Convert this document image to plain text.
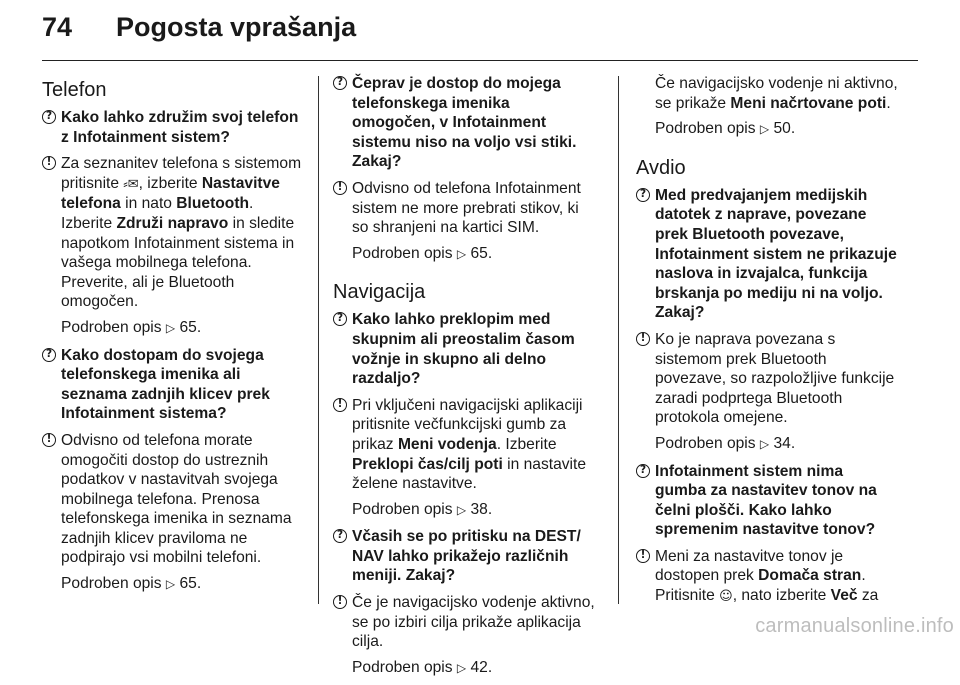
74 Pogosta vprašanja
Telefon
? Kako lahko združim svoj telefon z Infotainment sistem?
! Za seznanitev telefona s sistemom pritisnite ⸗✉, izberite Nastavitve telefona in nato Bluetooth. Izberite Združi napravo in sledite napotkom Infotainment sistema in vašega mobilnega telefona. Preverite, ali je Bluetooth omogočen.

Podroben opis ▷ 65.

? Kako dostopam do svojega telefonskega imenika ali seznama zadnjih klicev prek Infotainment sistema?
! Odvisno od telefona morate omogočiti dostop do ustreznih podatkov v nastavitvah svojega mobilnega telefona. Prenosa telefonskega imenika in seznama zadnjih klicev praviloma ne podpirajo vsi mobilni telefoni.

Podroben opis ▷ 65.

? Čeprav je dostop do mojega telefonskega imenika omogočen, v Infotainment sistemu niso na voljo vsi stiki. Zakaj?
! Odvisno od telefona Infotainment sistem ne more prebrati stikov, ki so shranjeni na kartici SIM.

Podroben opis ▷ 65.

Navigacija
? Kako lahko preklopim med skupnim ali preostalim časom vožnje in skupno ali delno razdaljo?
! Pri vključeni navigacijski aplikaciji pritisnite večfunkcijski gumb za prikaz Meni vodenja. Izberite Preklopi čas/cilj poti in nastavite želene nastavitve.

Podroben opis ▷ 38.

? Včasih se po pritisku na DEST/ NAV lahko prikažejo različnih meniji. Zakaj?
! Če je navigacijsko vodenje aktivno, se po izbiri cilja prikaže aplikacija cilja.

Podroben opis ▷ 42.

Če navigacijsko vodenje ni aktivno, se prikaže Meni načrtovane poti.

Podroben opis ▷ 50.

Avdio
? Med predvajanjem medijskih datotek z naprave, povezane prek Bluetooth povezave, Infotainment sistem ne prikazuje naslova in izvajalca, funkcija brskanja po mediju ni na voljo. Zakaj?
! Ko je naprava povezana s sistemom prek Bluetooth povezave, so razpoložljive funkcije zaradi podprtega Bluetooth protokola omejene.

Podroben opis ▷ 34.

? Infotainment sistem nima gumba za nastavitev tonov na čelni plošči. Kako lahko spremenim nastavitve tonov?
! Meni za nastavitve tonov je dostopen prek Domača stran. Pritisnite ☺, nato izberite Več za

carmanualsonline.info
